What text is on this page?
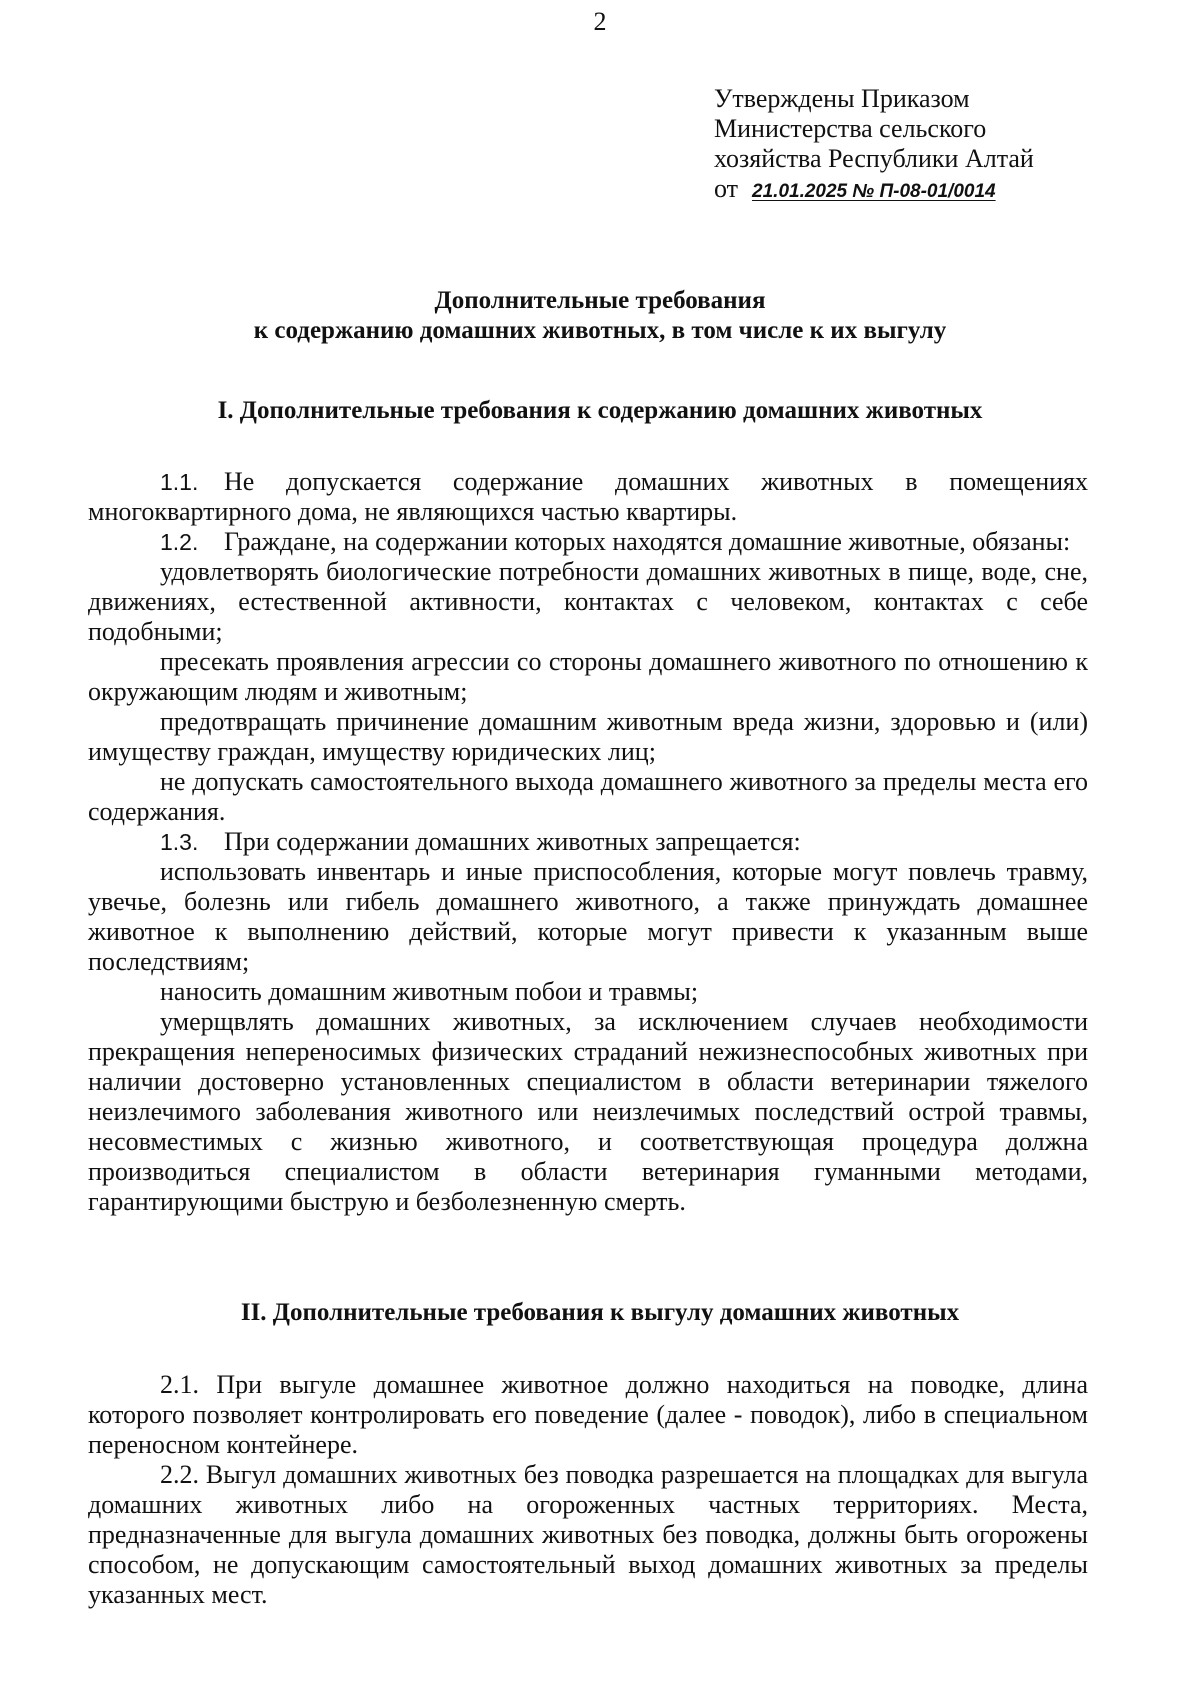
2
Утверждены Приказом
Министерства сельского
хозяйства Республики Алтай
от 21.01.2025 № П-08-01/0014
Дополнительные требования
к содержанию домашних животных, в том числе к их выгулу
I. Дополнительные требования к содержанию домашних животных

1.1. Не допускается содержание домашних животных в помещениях многоквартирного дома, не являющихся частью квартиры.

1.2. Граждане, на содержании которых находятся домашние животные, обязаны:

удовлетворять биологические потребности домашних животных в пище, воде, сне, движениях, естественной активности, контактах с человеком, контактах с себе подобными;

пресекать проявления агрессии со стороны домашнего животного по отношению к окружающим людям и животным;

предотвращать причинение домашним животным вреда жизни, здоровью и (или) имуществу граждан, имуществу юридических лиц;

не допускать самостоятельного выхода домашнего животного за пределы места его содержания.

1.3. При содержании домашних животных запрещается:

использовать инвентарь и иные приспособления, которые могут повлечь травму, увечье, болезнь или гибель домашнего животного, а также принуждать домашнее животное к выполнению действий, которые могут привести к указанным выше последствиям;

наносить домашним животным побои и травмы;

умерщвлять домашних животных, за исключением случаев необходимости прекращения непереносимых физических страданий нежизнеспособных животных при наличии достоверно установленных специалистом в области ветеринарии тяжелого неизлечимого заболевания животного или неизлечимых последствий острой травмы, несовместимых с жизнью животного, и соответствующая процедура должна производиться специалистом в области ветеринария гуманными методами, гарантирующими быструю и безболезненную смерть.

II. Дополнительные требования к выгулу домашних животных

2.1. При выгуле домашнее животное должно находиться на поводке, длина которого позволяет контролировать его поведение (далее - поводок), либо в специальном переносном контейнере.

2.2. Выгул домашних животных без поводка разрешается на площадках для выгула домашних животных либо на огороженных частных территориях. Места, предназначенные для выгула домашних животных без поводка, должны быть огорожены способом, не допускающим самостоятельный выход домашних животных за пределы указанных мест.
